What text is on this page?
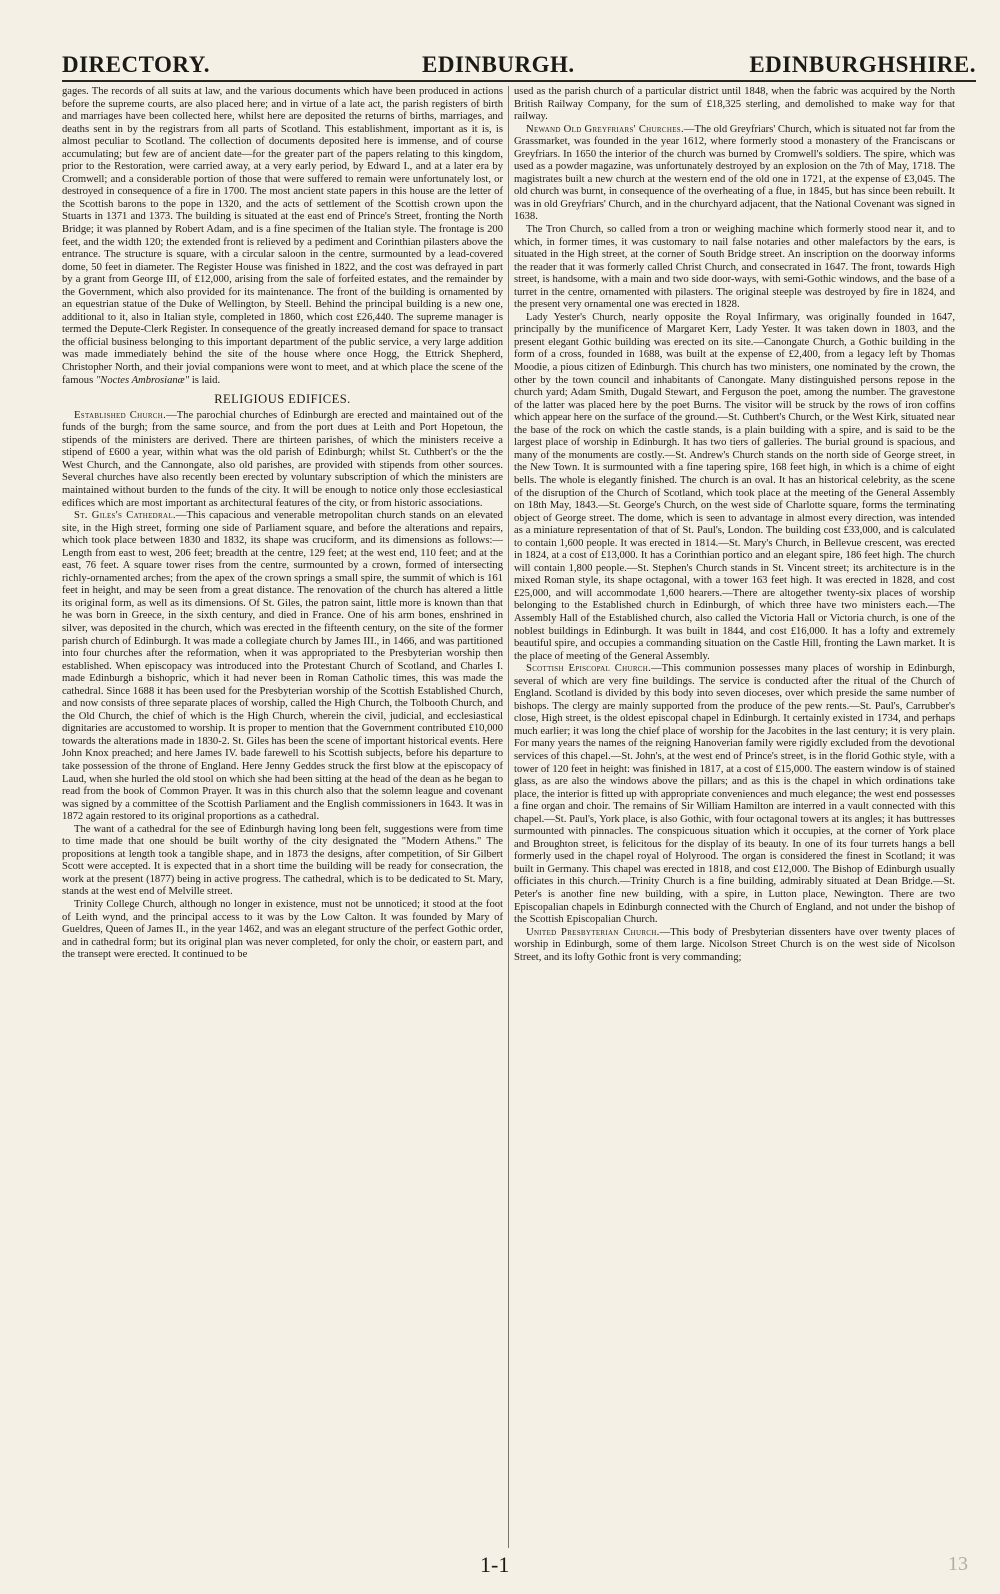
DIRECTORY.	EDINBURGH.	EDINBURGHSHIRE.

gages. The records of all suits at law, and the various documents which have been produced in actions before the supreme courts, are also placed here; and in virtue of a late act, the parish registers of birth and marriages have been collected here, whilst here are deposited the returns of births, marriages, and deaths sent in by the registrars from all parts of Scotland. This establishment, important as it is, is almost peculiar to Scotland. The collection of documents deposited here is immense, and of course accumulating; but few are of ancient date—for the greater part of the papers relating to this kingdom, prior to the Restoration, were carried away, at a very early period, by Edward I., and at a later era by Cromwell; and a considerable portion of those that were suffered to remain were unfortunately lost, or destroyed in consequence of a fire in 1700. The most ancient state papers in this house are the letter of the Scottish barons to the pope in 1320, and the acts of settlement of the Scottish crown upon the Stuarts in 1371 and 1373. The building is situated at the east end of Prince's Street, fronting the North Bridge; it was planned by Robert Adam, and is a fine specimen of the Italian style. The frontage is 200 feet, and the width 120; the extended front is relieved by a pediment and Corinthian pilasters above the entrance. The structure is square, with a circular saloon in the centre, surmounted by a lead-covered dome, 50 feet in diameter. The Register House was finished in 1822, and the cost was defrayed in part by a grant from George III, of £12,000, arising from the sale of forfeited estates, and the remainder by the Government, which also provided for its maintenance. The front of the building is ornamented by an equestrian statue of the Duke of Wellington, by Steell. Behind the principal building is a new one, additional to it, also in Italian style, completed in 1860, which cost £26,440. The supreme manager is termed the Depute-Clerk Register. In consequence of the greatly increased demand for space to transact the official business belonging to this important department of the public service, a very large addition was made immediately behind the site of the house where once Hogg, the Ettrick Shepherd, Christopher North, and their jovial companions were wont to meet, and at which place the scene of the famous "Noctes Ambrosianæ" is laid.

RELIGIOUS EDIFICES.

Established Church.—The parochial churches of Edinburgh are erected and maintained out of the funds of the burgh; from the same source, and from the port dues at Leith and Port Hopetoun, the stipends of the ministers are derived. There are thirteen parishes, of which the ministers receive a stipend of £600 a year, within what was the old parish of Edinburgh; whilst St. Cuthbert's or the the West Church, and the Cannongate, also old parishes, are provided with stipends from other sources. Several churches have also recently been erected by voluntary subscription of which the ministers are maintained without burden to the funds of the city. It will be enough to notice only those ecclesiastical edifices which are most important as architectural features of the city, or from historic associations.

St. Giles's Cathedral.—This capacious and venerable metropolitan church stands on an elevated site, in the High street, forming one side of Parliament square, and before the alterations and repairs, which took place between 1830 and 1832, its shape was cruciform, and its dimensions as follows:—Length from east to west, 206 feet; breadth at the centre, 129 feet; at the west end, 110 feet; and at the east, 76 feet. A square tower rises from the centre, surmounted by a crown, formed of intersecting richly-ornamented arches; from the apex of the crown springs a small spire, the summit of which is 161 feet in height, and may be seen from a great distance. The renovation of the church has altered a little its original form, as well as its dimensions. Of St. Giles, the patron saint, little more is known than that he was born in Greece, in the sixth century, and died in France. One of his arm bones, enshrined in silver, was deposited in the church, which was erected in the fifteenth century, on the site of the former parish church of Edinburgh. It was made a collegiate church by James III., in 1466, and was partitioned into four churches after the reformation, when it was appropriated to the Presbyterian worship then established. When episcopacy was introduced into the Protestant Church of Scotland, and Charles I. made Edinburgh a bishopric, which it had never been in Roman Catholic times, this was made the cathedral. Since 1688 it has been used for the Presbyterian worship of the Scottish Established Church, and now consists of three separate places of worship, called the High Church, the Tolbooth Church, and the Old Church, the chief of which is the High Church, wherein the civil, judicial, and ecclesiastical dignitaries are accustomed to worship. It is proper to mention that the Government contributed £10,000 towards the alterations made in 1830-2. St. Giles has been the scene of important historical events. Here John Knox preached; and here James IV. bade farewell to his Scottish subjects, before his departure to take possession of the throne of England. Here Jenny Geddes struck the first blow at the episcopacy of Laud, when she hurled the old stool on which she had been sitting at the head of the dean as he began to read from the book of Common Prayer. It was in this church also that the solemn league and covenant was signed by a committee of the Scottish Parliament and the English commissioners in 1643. It was in 1872 again restored to its original proportions as a cathedral.

The want of a cathedral for the see of Edinburgh having long been felt, suggestions were from time to time made that one should be built worthy of the city designated the "Modern Athens." The propositions at length took a tangible shape, and in 1873 the designs, after competition, of Sir Gilbert Scott were accepted. It is expected that in a short time the building will be ready for consecration, the work at the present (1877) being in active progress. The cathedral, which is to be dedicated to St. Mary, stands at the west end of Melville street.

Trinity College Church, although no longer in existence, must not be unnoticed; it stood at the foot of Leith wynd, and the principal access to it was by the Low Calton. It was founded by Mary of Gueldres, Queen of James II., in the year 1462, and was an elegant structure of the perfect Gothic order, and in cathedral form; but its original plan was never completed, for only the choir, or eastern part, and the transept were erected. It continued to be

used as the parish church of a particular district until 1848, when the fabric was acquired by the North British Railway Company, for the sum of £18,325 sterling, and demolished to make way for that railway.

Newand Old Greyfriars' Churches.—The old Greyfriars' Church, which is situated not far from the Grassmarket, was founded in the year 1612, where formerly stood a monastery of the Franciscans or Greyfriars. In 1650 the interior of the church was burned by Cromwell's soldiers. The spire, which was used as a powder magazine, was unfortunately destroyed by an explosion on the 7th of May, 1718. The magistrates built a new church at the western end of the old one in 1721, at the expense of £3,045. The old church was burnt, in consequence of the overheating of a flue, in 1845, but has since been rebuilt. It was in old Greyfriars' Church, and in the churchyard adjacent, that the National Covenant was signed in 1638.

The Tron Church, so called from a tron or weighing machine which formerly stood near it, and to which, in former times, it was customary to nail false notaries and other malefactors by the ears, is situated in the High street, at the corner of South Bridge street. An inscription on the doorway informs the reader that it was formerly called Christ Church, and consecrated in 1647. The front, towards High street, is handsome, with a main and two side door-ways, with semi-Gothic windows, and the base of a turret in the centre, ornamented with pilasters. The original steeple was destroyed by fire in 1824, and the present very ornamental one was erected in 1828.

Lady Yester's Church, nearly opposite the Royal Infirmary, was originally founded in 1647, principally by the munificence of Margaret Kerr, Lady Yester. It was taken down in 1803, and the present elegant Gothic building was erected on its site.—Canongate Church, a Gothic building in the form of a cross, founded in 1688, was built at the expense of £2,400, from a legacy left by Thomas Moodie, a pious citizen of Edinburgh. This church has two ministers, one nominated by the crown, the other by the town council and inhabitants of Canongate. Many distinguished persons repose in the church yard; Adam Smith, Dugald Stewart, and Ferguson the poet, among the number. The gravestone of the latter was placed here by the poet Burns. The visitor will be struck by the rows of iron coffins which appear here on the surface of the ground.—St. Cuthbert's Church, or the West Kirk, situated near the base of the rock on which the castle stands, is a plain building with a spire, and is said to be the largest place of worship in Edinburgh. It has two tiers of galleries. The burial ground is spacious, and many of the monuments are costly.—St. Andrew's Church stands on the north side of George street, in the New Town. It is surmounted with a fine tapering spire, 168 feet high, in which is a chime of eight bells. The whole is elegantly finished. The church is an oval. It has an historical celebrity, as the scene of the disruption of the Church of Scotland, which took place at the meeting of the General Assembly on 18th May, 1843.—St. George's Church, on the west side of Charlotte square, forms the terminating object of George street. The dome, which is seen to advantage in almost every direction, was intended as a miniature representation of that of St. Paul's, London. The building cost £33,000, and is calculated to contain 1,600 people. It was erected in 1814.—St. Mary's Church, in Bellevue crescent, was erected in 1824, at a cost of £13,000. It has a Corinthian portico and an elegant spire, 186 feet high. The church will contain 1,800 people.—St. Stephen's Church stands in St. Vincent street; its architecture is in the mixed Roman style, its shape octagonal, with a tower 163 feet high. It was erected in 1828, and cost £25,000, and will accommodate 1,600 hearers.—There are altogether twenty-six places of worship belonging to the Established church in Edinburgh, of which three have two ministers each.—The Assembly Hall of the Established church, also called the Victoria Hall or Victoria church, is one of the noblest buildings in Edinburgh. It was built in 1844, and cost £16,000. It has a lofty and extremely beautiful spire, and occupies a commanding situation on the Castle Hill, fronting the Lawn market. It is the place of meeting of the General Assembly.

Scottish Episcopal Church.—This communion possesses many places of worship in Edinburgh, several of which are very fine buildings. The service is conducted after the ritual of the Church of England. Scotland is divided by this body into seven dioceses, over which preside the same number of bishops. The clergy are mainly supported from the produce of the pew rents.—St. Paul's, Carrubber's close, High street, is the oldest episcopal chapel in Edinburgh. It certainly existed in 1734, and perhaps much earlier; it was long the chief place of worship for the Jacobites in the last century; it is very plain. For many years the names of the reigning Hanoverian family were rigidly excluded from the devotional services of this chapel.—St. John's, at the west end of Prince's street, is in the florid Gothic style, with a tower of 120 feet in height: was finished in 1817, at a cost of £15,000. The eastern window is of stained glass, as are also the windows above the pillars; and as this is the chapel in which ordinations take place, the interior is fitted up with appropriate conveniences and much elegance; the west end possesses a fine organ and choir. The remains of Sir William Hamilton are interred in a vault connected with this chapel.—St. Paul's, York place, is also Gothic, with four octagonal towers at its angles; it has buttresses surmounted with pinnacles. The conspicuous situation which it occupies, at the corner of York place and Broughton street, is felicitous for the display of its beauty. In one of its four turrets hangs a bell formerly used in the chapel royal of Holyrood. The organ is considered the finest in Scotland; it was built in Germany. This chapel was erected in 1818, and cost £12,000. The Bishop of Edinburgh usually officiates in this church.—Trinity Church is a fine building, admirably situated at Dean Bridge.—St. Peter's is another fine new building, with a spire, in Lutton place, Newington. There are two Episcopalian chapels in Edinburgh connected with the Church of England, and not under the bishop of the Scottish Episcopalian Church.

United Presbyterian Church.—This body of Presbyterian dissenters have over twenty places of worship in Edinburgh, some of them large. Nicolson Street Church is on the west side of Nicolson Street, and its lofty Gothic front is very commanding;

1-1	13
